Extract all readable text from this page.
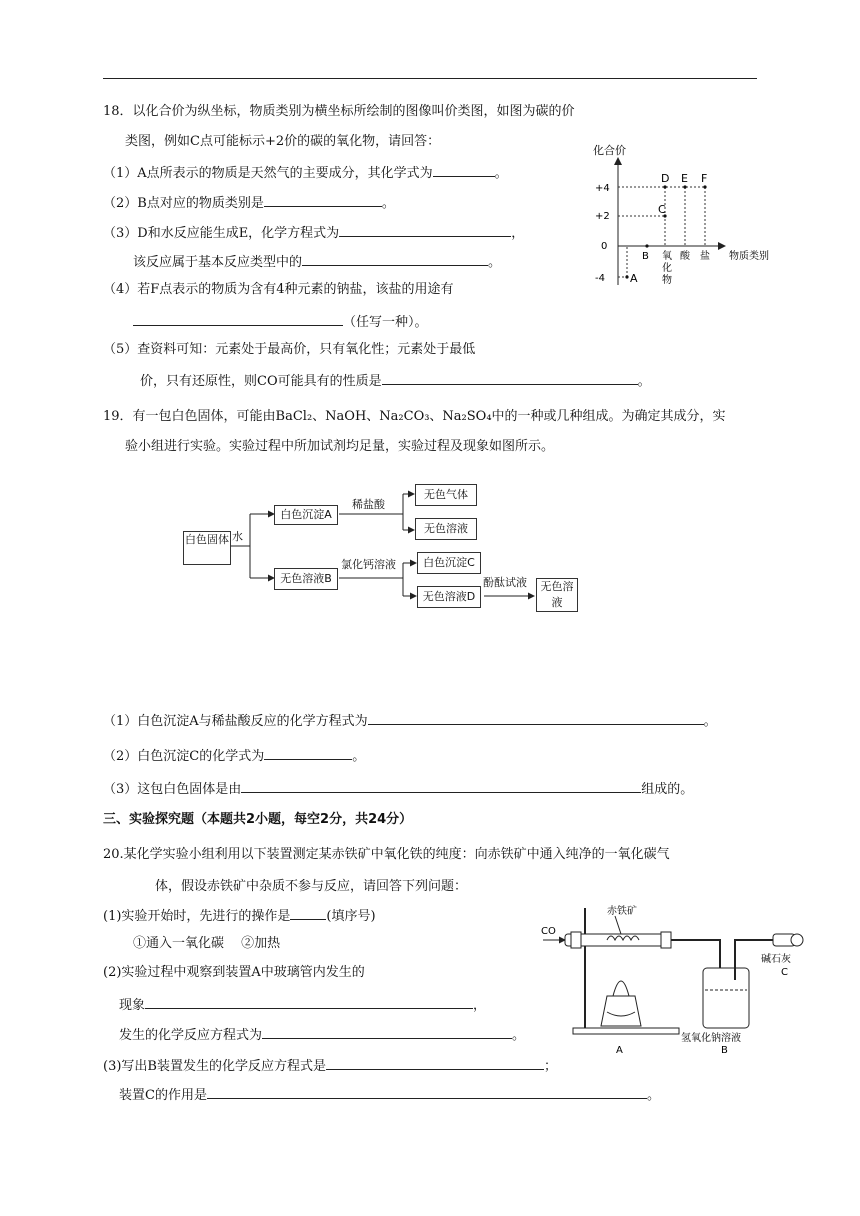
18．以化合价为纵坐标，物质类别为横坐标所绘制的图像叫价类图，如图为碳的价
类图，例如C点可能标示+2价的碳的氧化物，请回答：
（1）A点所表示的物质是天然气的主要成分，其化学式为	。
（2）B点对应的物质类别是	。
（3）D和水反应能生成E，化学方程式为	，
该反应属于基本反应类型中的	。
（4）若F点表示的物质为含有4种元素的钠盐，该盐的用途有
（任写一种）。
（5）查资料可知：元素处于最高价，只有氧化性；元素处于最低
价，只有还原性，则CO可能具有的性质是	。
化合价
物质类别
+4
+2
0
-4 A
B
C
D E F
氧
化
物
酸 盐
19．有一包白色固体，可能由BaCl₂、NaOH、Na₂CO₃、Na₂SO₄中的一种或几种组成。为确定其成分，实
验小组进行实验。实验过程中所加试剂均足量，实验过程及现象如图所示。
白色固体 水
白色沉淀A
稀盐酸
无色气体
无色溶液
无色溶液B
氯化钙溶液	白色沉淀C
无色溶液D
酚酞试液	无色溶液
（1）白色沉淀A与稀盐酸反应的化学方程式为	。
（2）白色沉淀C的化学式为	。
（3）这包白色固体是由	组成的。
三、实验探究题（本题共2小题，每空2分，共24分）
20.某化学实验小组利用以下装置测定某赤铁矿中氧化铁的纯度：向赤铁矿中通入纯净的一氧化碳气
体，假设赤铁矿中杂质不参与反应，请回答下列问题：
(1)实验开始时，先进行的操作是	(填序号)
①通入一氧化碳　 ②加热
(2)实验过程中观察到装置A中玻璃管内发生的
现象	，
发生的化学反应方程式为	。
(3)写出B装置发生的化学反应方程式是	；
装置C的作用是	。
CO
赤铁矿
A
氢氧化钠溶液
B
碱石灰
C
